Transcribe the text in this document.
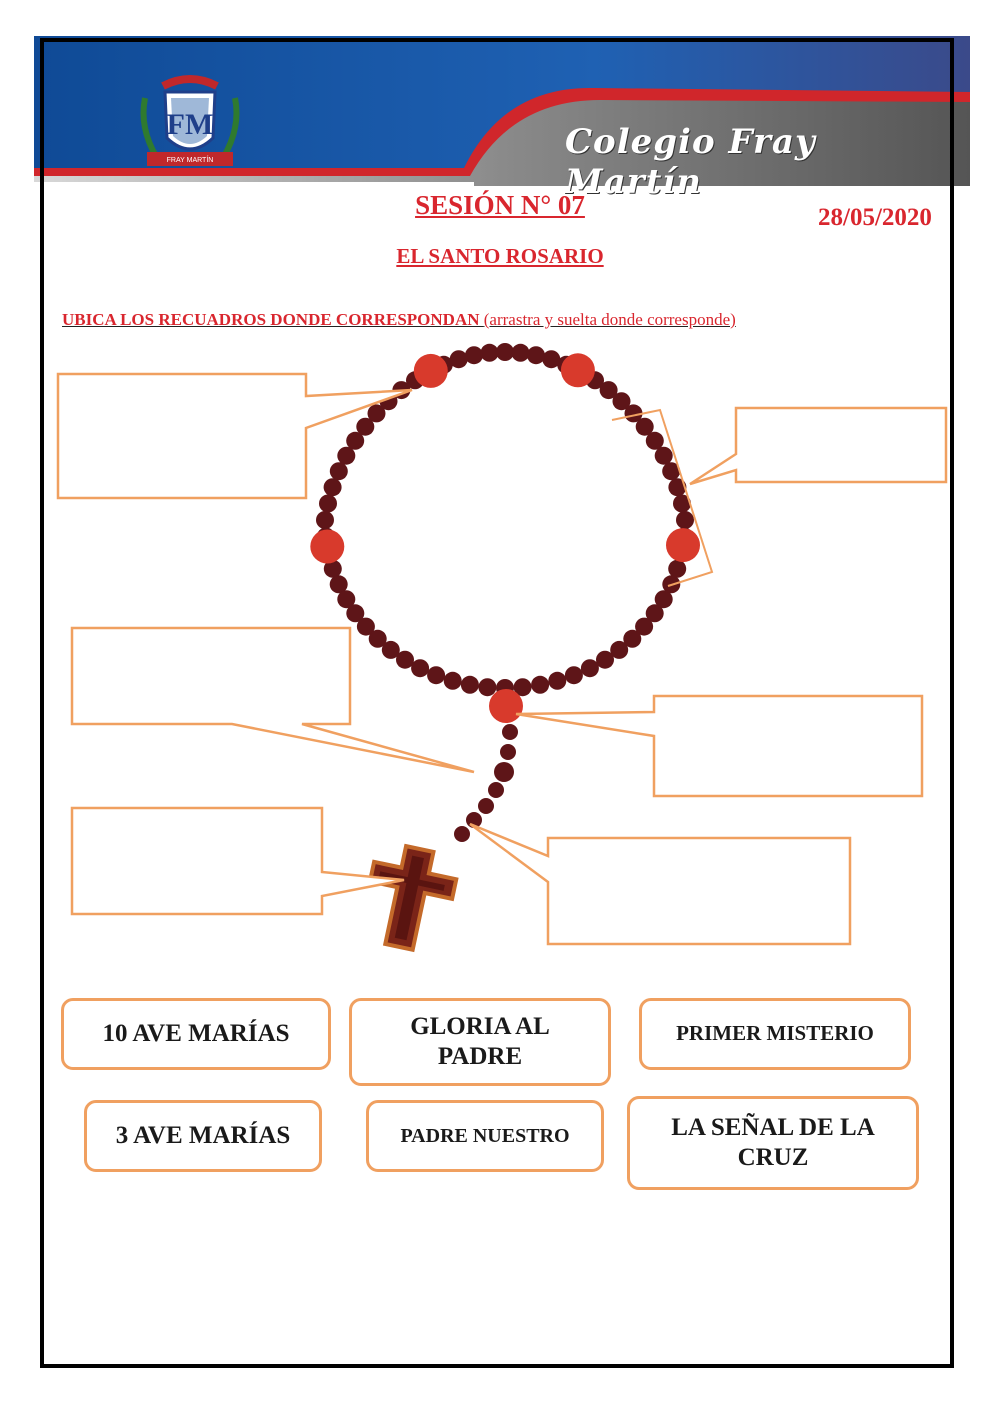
Colegio Fray Martín
FM
FRAY MARTÍN
SESIÓN N° 07	28/05/2020
EL SANTO ROSARIO
UBICA LOS RECUADROS DONDE CORRESPONDAN (arrastra y suelta donde corresponde)
10 AVE MARÍAS	GLORIA AL PADRE
PRIMER MISTERIO
3 AVE MARÍAS	PADRE NUESTRO	LA SEÑAL DE LA CRUZ
